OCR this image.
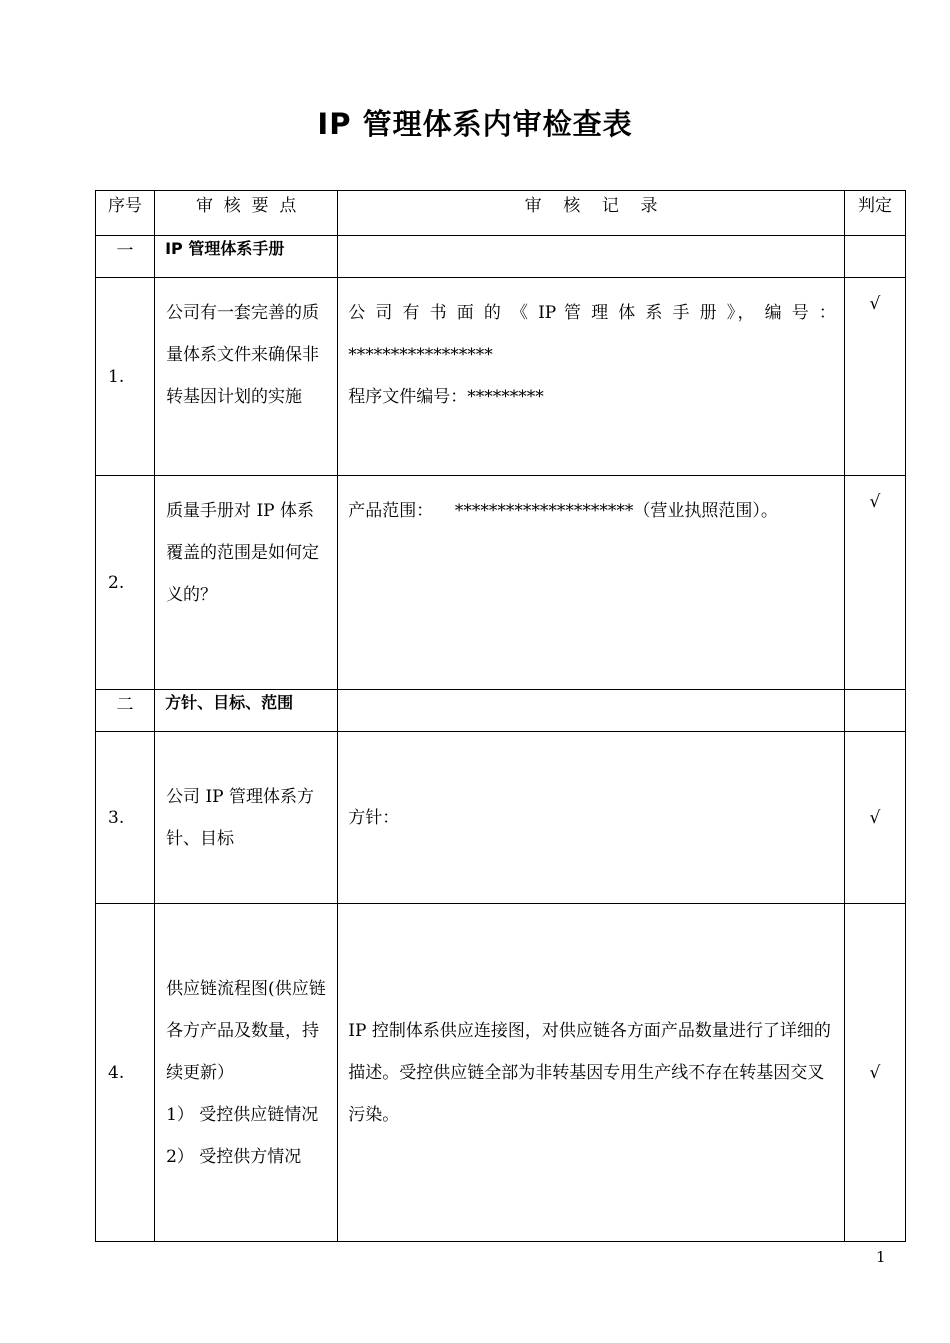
IP 管理体系内审检查表
序号	审  核  要  点	审    核    记    录	判定
一	IP 管理体系手册		
1.	公司有一套完善的质量体系文件来确保非转基因计划的实施	公 司 有 书 面 的 《 IP 管 理 体 系 手 册 》， 编 号 ：
*****************
程序文件编号：*********	√
2.	质量手册对 IP 体系覆盖的范围是如何定义的？	产品范围：    *********************（营业执照范围）。	√
二	方针、目标、范围		
3.	公司 IP 管理体系方针、目标	方针：	√
4.	供应链流程图(供应链各方产品及数量，持续更新）
1） 受控供应链情况
2） 受控供方情况	IP 控制体系供应连接图，对供应链各方面产品数量进行了详细的描述。受控供应链全部为非转基因专用生产线不存在转基因交叉污染。	√
1
